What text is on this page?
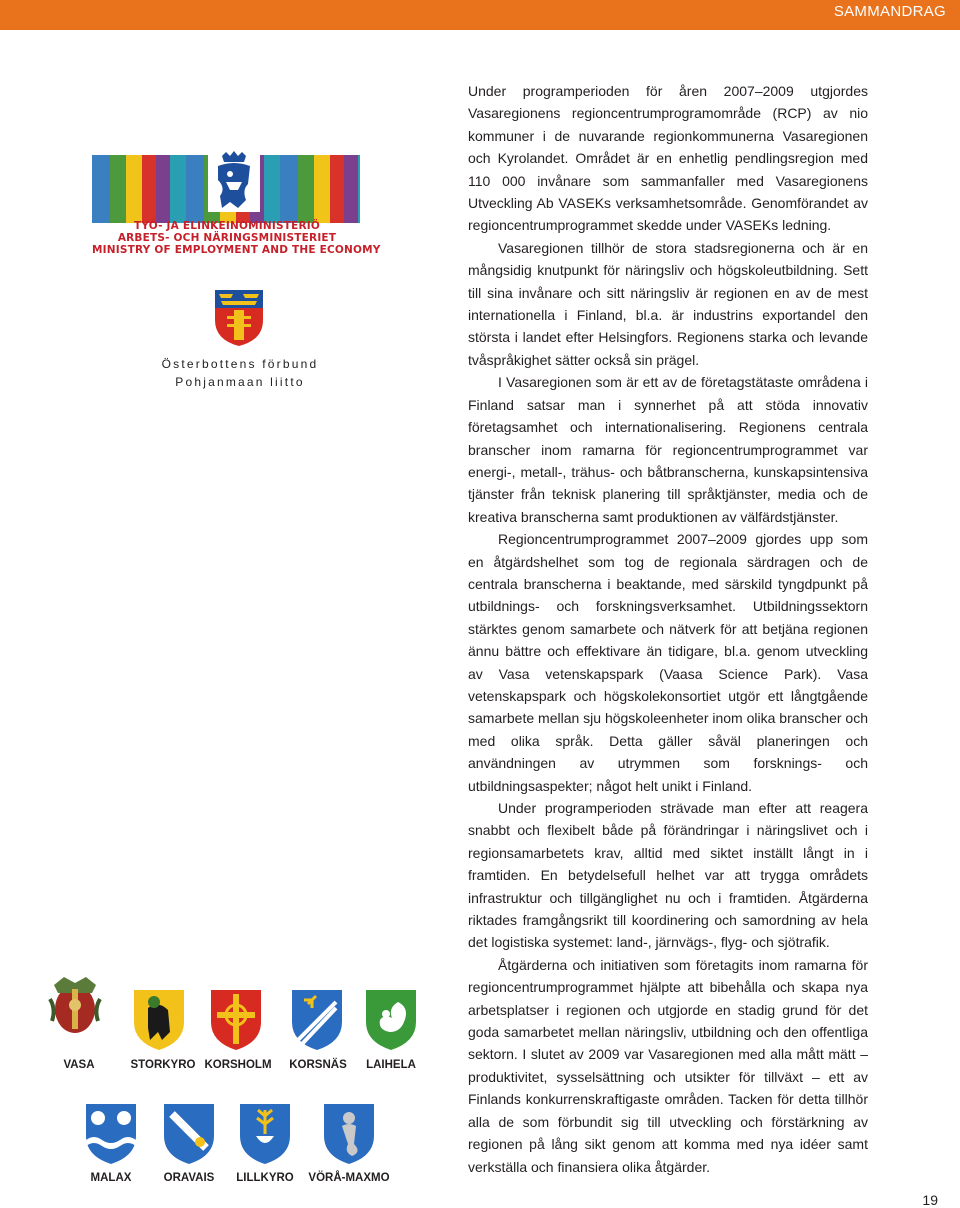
SAMMANDRAG
TYÖ- JA ELINKEINOMINISTERIÖ
ARBETS- OCH NÄRINGSMINISTERIET
MINISTRY OF EMPLOYMENT AND THE ECONOMY
Österbottens förbund
Pohjanmaan liitto
VASA	STORKYRO KORSHOLM	KORSNÄS	LAIHELA
MALAX	ORAVAIS	LILLKYRO	VÖRÅ-MAXMO

Under programperioden för åren 2007–2009 utgjordes Vasaregionens regioncentrumprogramområde (RCP) av nio kommuner i de nuvarande regionkommunerna Vasaregionen och Kyrolandet. Området är en enhetlig pendlingsregion med 110 000 invånare som sammanfaller med Vasaregionens Utveckling Ab VASEKs verksamhetsområde. Genomförandet av regioncentrumprogrammet skedde under VASEKs ledning.

Vasaregionen tillhör de stora stadsregionerna och är en mångsidig knutpunkt för näringsliv och högskoleutbildning. Sett till sina invånare och sitt näringsliv är regionen en av de mest internationella i Finland, bl.a. är industrins exportandel den största i landet efter Helsingfors. Regionens starka och levande tvåspråkighet sätter också sin prägel.

I Vasaregionen som är ett av de företagstätaste områdena i Finland satsar man i synnerhet på att stöda innovativ företagsamhet och internationalisering. Regionens centrala branscher inom ramarna för regioncentrumprogrammet var energi-, metall-, trähus- och båtbranscherna, kunskapsintensiva tjänster från teknisk planering till språktjänster, media och de kreativa branscherna samt produktionen av välfärdstjänster.

Regioncentrumprogrammet 2007–2009 gjordes upp som en åtgärdshelhet som tog de regionala särdragen och de centrala branscherna i beaktande, med särskild tyngdpunkt på utbildnings- och forskningsverksamhet. Utbildningssektorn stärktes genom samarbete och nätverk för att betjäna regionen ännu bättre och effektivare än tidigare, bl.a. genom utveckling av Vasa vetenskapspark (Vaasa Science Park). Vasa vetenskapspark och högskolekonsortiet utgör ett långtgående samarbete mellan sju högskoleenheter inom olika branscher och med olika språk. Detta gäller såväl planeringen och användningen av utrymmen som forsknings- och utbildningsaspekter; något helt unikt i Finland.

Under programperioden strävade man efter att reagera snabbt och flexibelt både på förändringar i näringslivet och i regionsamarbetets krav, alltid med siktet inställt långt in i framtiden. En betydelsefull helhet var att trygga områdets infrastruktur och tillgänglighet nu och i framtiden. Åtgärderna riktades framgångsrikt till koordinering och samordning av hela det logistiska systemet: land-, järnvägs-, flyg- och sjötrafik.

Åtgärderna och initiativen som företagits inom ramarna för regioncentrumprogrammet hjälpte att bibehålla och skapa nya arbetsplatser i regionen och utgjorde en stadig grund för det goda samarbetet mellan näringsliv, utbildning och den offentliga sektorn. I slutet av 2009 var Vasaregionen med alla mått mätt – produktivitet, sysselsättning och utsikter för tillväxt – ett av Finlands konkurrenskraftigaste områden. Tacken för detta tillhör alla de som förbundit sig till utveckling och förstärkning av regionen på lång sikt genom att komma med nya idéer samt verkställa och finansiera olika åtgärder.

19
